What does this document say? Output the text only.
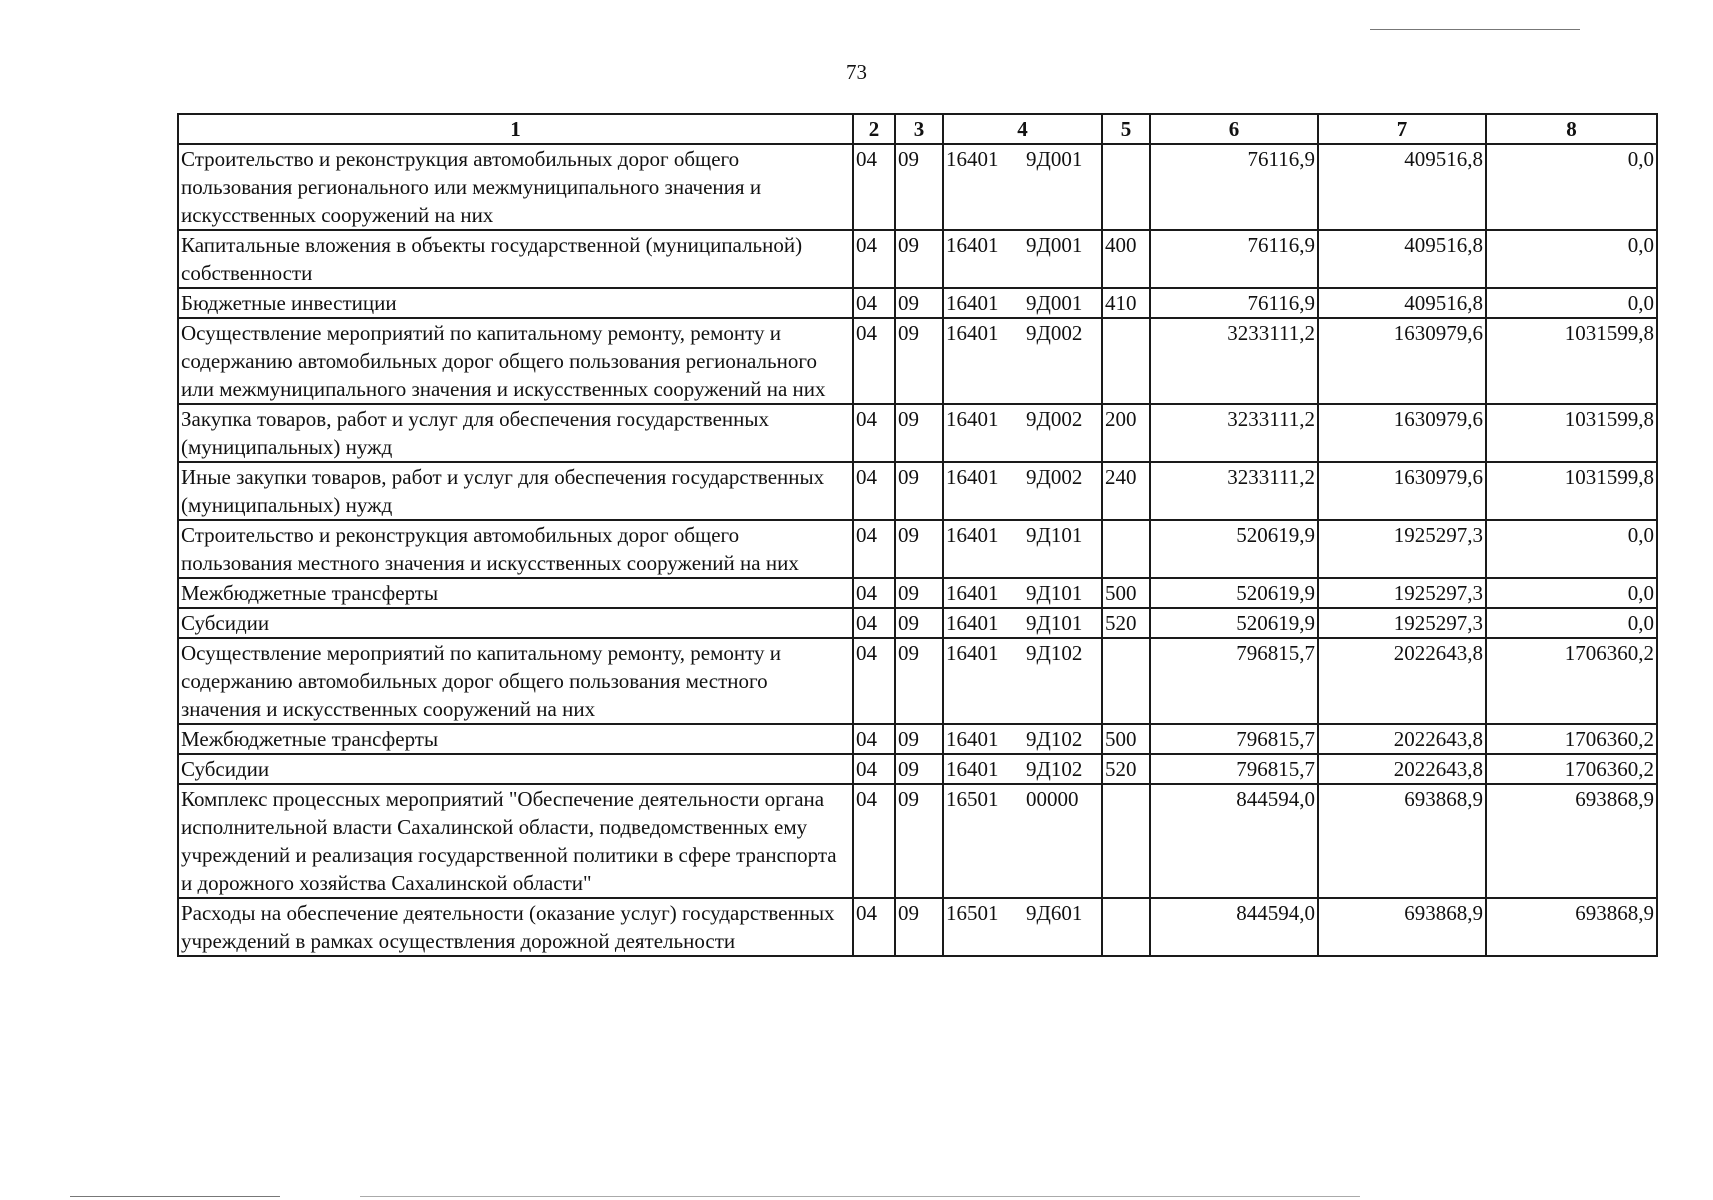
73
1	2	3	4	5	6	7	8
Строительство и реконструкция автомобильных дорог общего пользования регионального или межмуниципального значения и искусственных сооружений на них	04	09	16401 9Д001		76116,9	409516,8	0,0
Капитальные вложения в объекты государственной (муниципальной) собственности	04	09	16401 9Д001	400	76116,9	409516,8	0,0
Бюджетные инвестиции	04	09	16401 9Д001	410	76116,9	409516,8	0,0
Осуществление мероприятий по капитальному ремонту, ремонту и содержанию автомобильных дорог общего пользования регионального или межмуниципального значения и искусственных сооружений на них	04	09	16401 9Д002		3233111,2	1630979,6	1031599,8
Закупка товаров, работ и услуг для обеспечения государственных (муниципальных) нужд	04	09	16401 9Д002	200	3233111,2	1630979,6	1031599,8
Иные закупки товаров, работ и услуг для обеспечения государственных (муниципальных) нужд	04	09	16401 9Д002	240	3233111,2	1630979,6	1031599,8
Строительство и реконструкция автомобильных дорог общего пользования местного значения и искусственных сооружений на них	04	09	16401 9Д101		520619,9	1925297,3	0,0
Межбюджетные трансферты	04	09	16401 9Д101	500	520619,9	1925297,3	0,0
Субсидии	04	09	16401 9Д101	520	520619,9	1925297,3	0,0
Осуществление мероприятий по капитальному ремонту, ремонту и содержанию автомобильных дорог общего пользования местного значения и искусственных сооружений на них	04	09	16401 9Д102		796815,7	2022643,8	1706360,2
Межбюджетные трансферты	04	09	16401 9Д102	500	796815,7	2022643,8	1706360,2
Субсидии	04	09	16401 9Д102	520	796815,7	2022643,8	1706360,2
Комплекс процессных мероприятий "Обеспечение деятельности органа исполнительной власти Сахалинской области, подведомственных ему учреждений и реализация государственной политики в сфере транспорта и дорожного хозяйства Сахалинской области"	04	09	16501 00000		844594,0	693868,9	693868,9
Расходы на обеспечение деятельности (оказание услуг) государственных учреждений в рамках осуществления дорожной деятельности	04	09	16501 9Д601		844594,0	693868,9	693868,9
